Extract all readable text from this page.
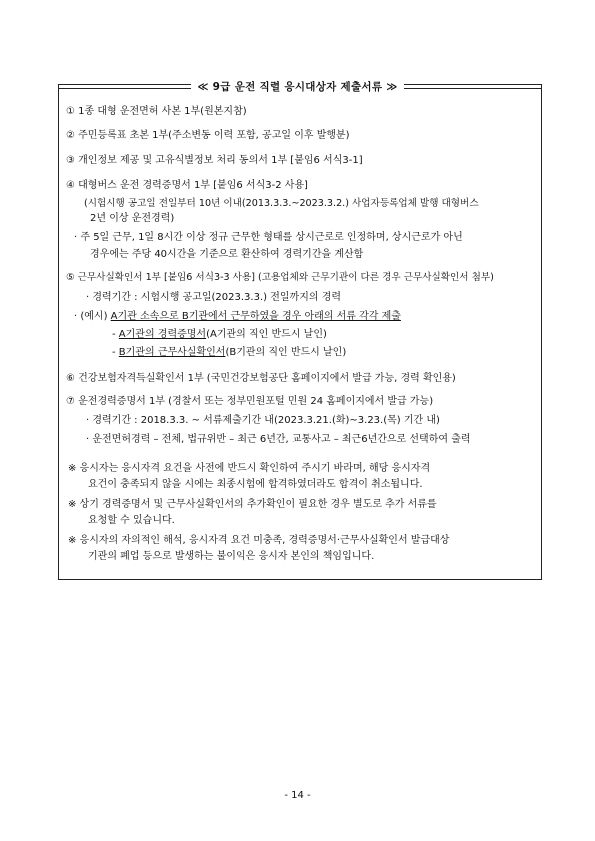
≪ 9급 운전 직렬 응시대상자 제출서류 ≫
① 1종 대형 운전면허 사본 1부(원본지참)
② 주민등록표 초본 1부(주소변동 이력 포함, 공고일 이후 발행분)
③ 개인정보 제공 및 고유식별정보 처리 동의서 1부 [붙임6 서식3-1]
④ 대형버스 운전 경력증명서 1부 [붙임6 서식3-2 사용]
(시험시행 공고일 전일부터 10년 이내(2013.3.3.~2023.3.2.) 사업자등록업체 발행 대형버스
2년 이상 운전경력)
· 주 5일 근무, 1일 8시간 이상 정규 근무한 형태를 상시근로로 인정하며, 상시근로가 아닌
경우에는 주당 40시간을 기준으로 환산하여 경력기간을 계산함
⑤ 근무사실확인서 1부 [붙임6 서식3-3 사용] (고용업체와 근무기관이 다른 경우 근무사실확인서 첨부)
· 경력기간 : 시험시행 공고일(2023.3.3.) 전일까지의 경력
· (예시) A기관 소속으로 B기관에서 근무하였을 경우 아래의 서류 각각 제출
- A기관의 경력증명서(A기관의 직인 반드시 날인)
- B기관의 근무사실확인서(B기관의 직인 반드시 날인)
⑥ 건강보험자격득실확인서 1부 (국민건강보험공단 홈페이지에서 발급 가능, 경력 확인용)
⑦ 운전경력증명서 1부 (경찰서 또는 정부민원포털 민원 24 홈페이지에서 발급 가능)
· 경력기간 : 2018.3.3. ~ 서류제출기간 내(2023.3.21.(화)~3.23.(목) 기간 내)
· 운전면허경력 – 전체, 법규위반 – 최근 6년간, 교통사고 – 최근6년간으로 선택하여 출력
※ 응시자는 응시자격 요건을 사전에 반드시 확인하여 주시기 바라며, 해당 응시자격
요건이 충족되지 않을 시에는 최종시험에 합격하였더라도 합격이 취소됩니다.
※ 상기 경력증명서 및 근무사실확인서의 추가확인이 필요한 경우 별도로 추가 서류를
요청할 수 있습니다.
※ 응시자의 자의적인 해석, 응시자격 요건 미충족, 경력증명서·근무사실확인서 발급대상
기관의 폐업 등으로 발생하는 불이익은 응시자 본인의 책임입니다.
- 14 -
